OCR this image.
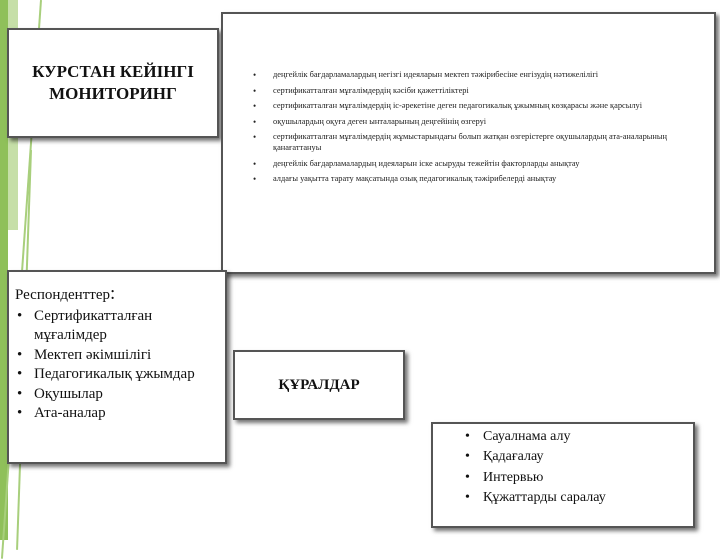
КУРСТАН КЕЙІНГІ
МОНИТОРИНГ
• деңгейлік бағдарламалардың негізгі идеяларын мектеп тәжірибесіне енгізудің нәтижелілігі
• сертификатталған мұғалімдердің кәсіби қажеттіліктері
• сертификатталған мұғалімдердің іс-әрекетіне деген педагогикалық ұжымның көзқарасы және қарсылуі
• оқушылардың оқуға деген ынталарының деңгейінің өзгеруі
• сертификатталған мұғалімдердің жұмыстарындағы болып жатқан өзгерістерге оқушылардың ата-аналарының қанағаттануы
• деңгейлік бағдарламалардың идеяларын іске асыруды тежейтін факторларды анықтау
• алдағы уақытта тарату мақсатында озық педагогикалық тәжірибелерді анықтау
Респонденттер:
• Сертификатталған мұғалімдер
• Мектеп әкімшілігі
• Педагогикалық ұжымдар
• Оқушылар
• Ата-аналар
ҚҰРАЛДАР
• Сауалнама алу
• Қадағалау
• Интервью
• Құжаттарды саралау
